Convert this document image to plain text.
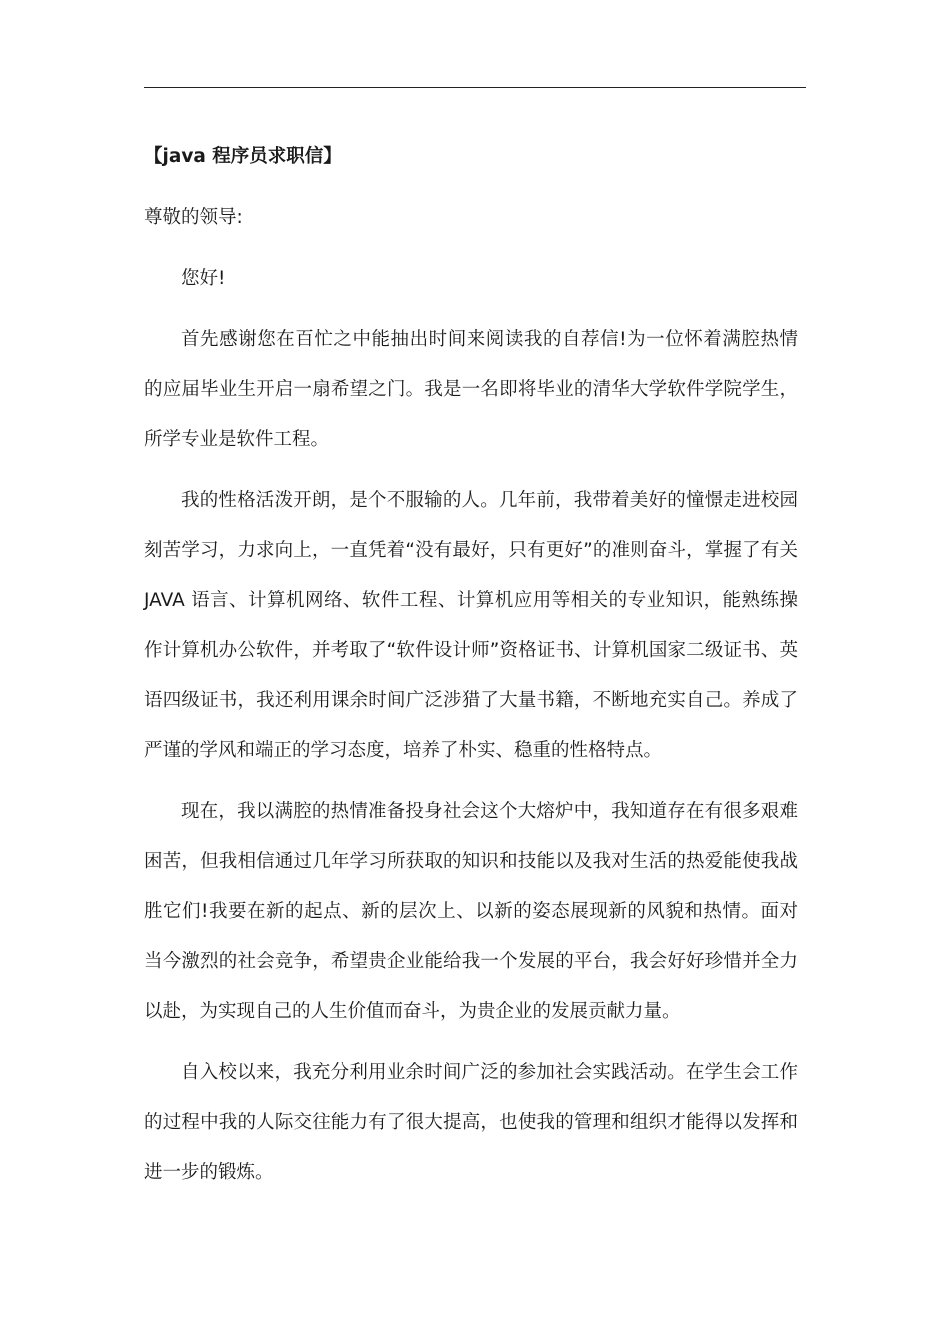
【java 程序员求职信】
尊敬的领导:
您好!
首先感谢您在百忙之中能抽出时间来阅读我的自荐信!为一位怀着满腔热情的应届毕业生开启一扇希望之门。我是一名即将毕业的清华大学软件学院学生，所学专业是软件工程。
我的性格活泼开朗，是个不服输的人。几年前，我带着美好的憧憬走进校园刻苦学习，力求向上，一直凭着“没有最好，只有更好”的准则奋斗，掌握了有关 JAVA 语言、计算机网络、软件工程、计算机应用等相关的专业知识，能熟练操作计算机办公软件，并考取了“软件设计师”资格证书、计算机国家二级证书、英语四级证书，我还利用课余时间广泛涉猎了大量书籍，不断地充实自己。养成了严谨的学风和端正的学习态度，培养了朴实、稳重的性格特点。
现在，我以满腔的热情准备投身社会这个大熔炉中，我知道存在有很多艰难困苦，但我相信通过几年学习所获取的知识和技能以及我对生活的热爱能使我战胜它们!我要在新的起点、新的层次上、以新的姿态展现新的风貌和热情。面对当今激烈的社会竞争，希望贵企业能给我一个发展的平台，我会好好珍惜并全力以赴，为实现自己的人生价值而奋斗，为贵企业的发展贡献力量。
自入校以来，我充分利用业余时间广泛的参加社会实践活动。在学生会工作的过程中我的人际交往能力有了很大提高，也使我的管理和组织才能得以发挥和进一步的锻炼。
